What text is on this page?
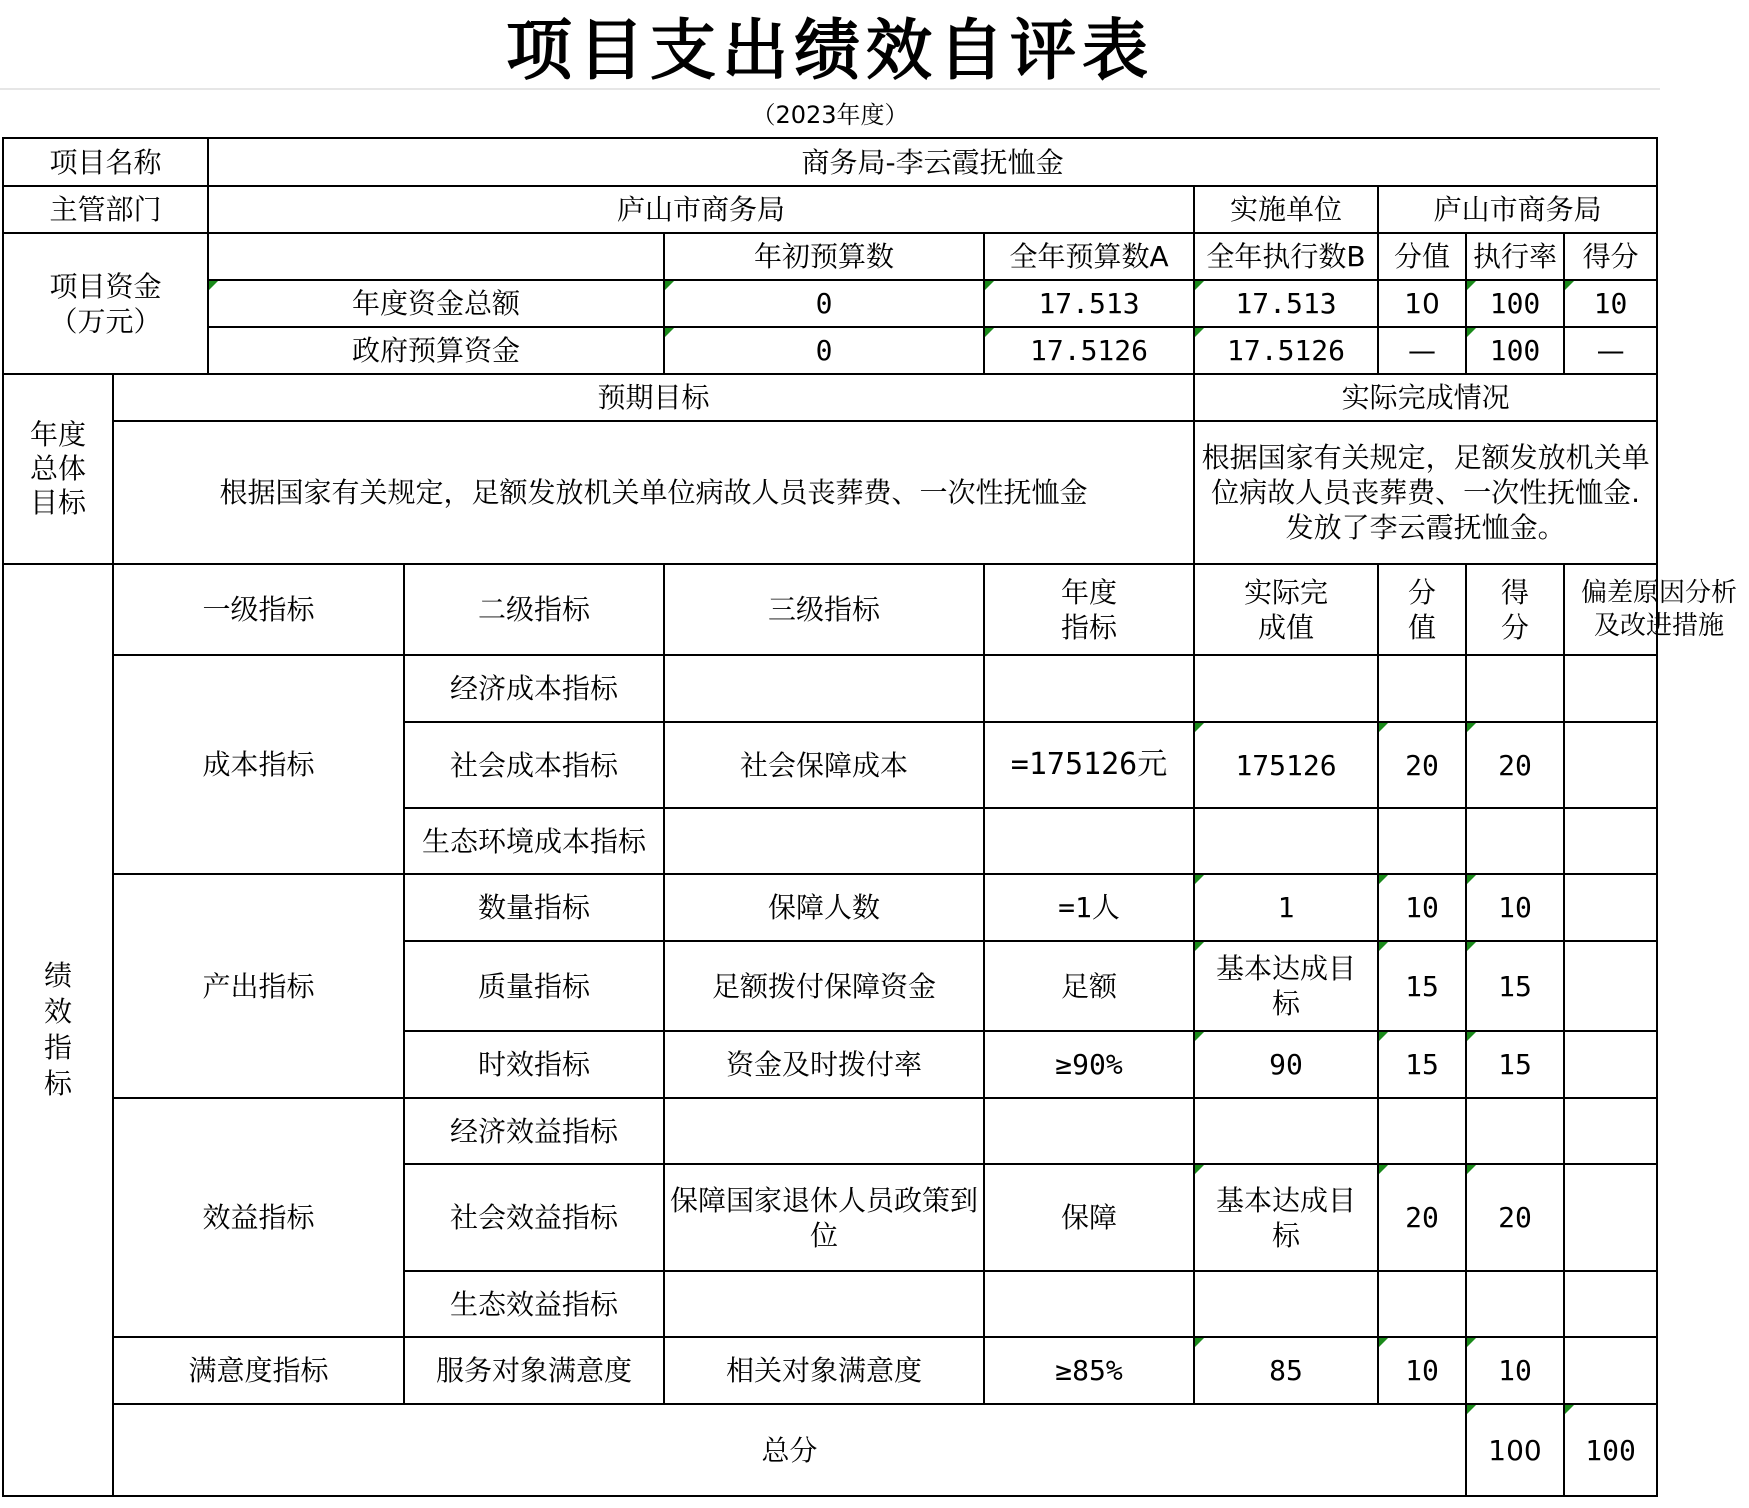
项目支出绩效自评表
（2023年度）
项目名称		商务局-李云霞抚恤金								
主管部门		庐山市商务局				实施单位	庐山市商务局			
项目资金
（万元）				年初预算数	全年预算数A	全年执行数B	分值	执行率	得分	
		年度资金总额		0	17.513	17.513	10	100	10	
		政府预算资金		0	17.5126	17.5126	—	100	—	
年度总体目标	预期目标					实际完成情况				
	根据国家有关规定，足额发放机关单位病故人员丧葬费、一次性抚恤金					根据国家有关规定，足额发放机关单位病故人员丧葬费、一次性抚恤金.发放了李云霞抚恤金。				
绩效指标	一级指标		二级指标	三级指标	年度指标	实际完成值	分值	得分	偏差原因分析及改进措施	
	成本指标		经济成本指标							
			社会成本指标	社会保障成本	=175126元	175126	20	20		
			生态环境成本指标							
	产出指标		数量指标	保障人数	=1人	1	10	10		
			质量指标	足额拨付保障资金	足额	基本达成目标	15	15		
			时效指标	资金及时拨付率	≥90%	90	15	15		
	效益指标		经济效益指标							
			社会效益指标	保障国家退休人员政策到位	保障	基本达成目标	20	20		
			生态效益指标							
	满意度指标		服务对象满意度	相关对象满意度	≥85%	85	10	10		
	总分							100	100	
